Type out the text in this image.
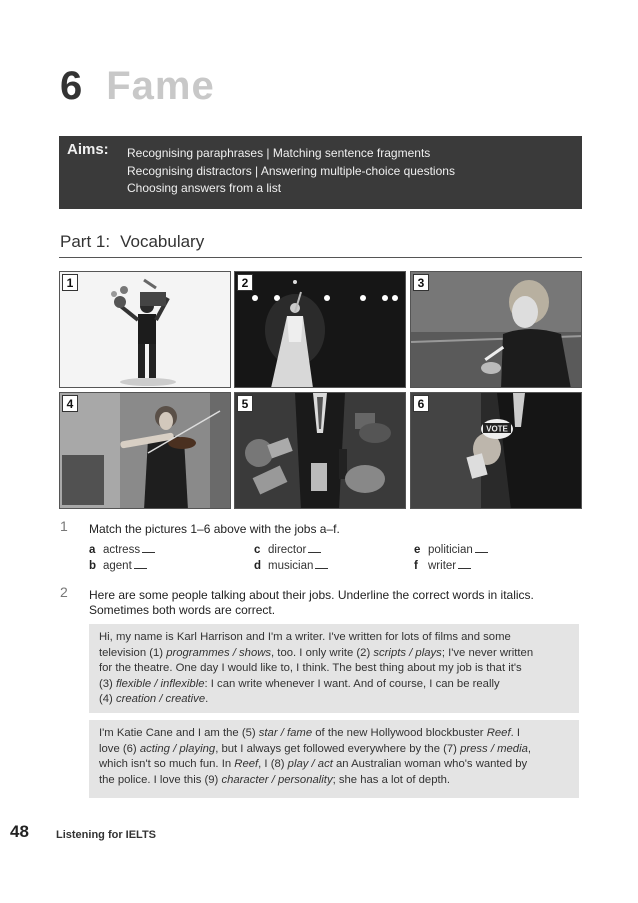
6 Fame
Aims: Recognising paraphrases | Matching sentence fragments
Recognising distractors | Answering multiple-choice questions
Choosing answers from a list
Part 1: Vocabulary
1	2	3
4	5
VOTE
6
1 Match the pictures 1–6 above with the jobs a–f.
a actress
b agent
c director
d musician
e politician
f writer
2 Here are some people talking about their jobs. Underline the correct words in italics.
Sometimes both words are correct.

Hi, my name is Karl Harrison and I'm a writer. I've written for lots of films and some

television (1) programmes / shows, too. I only write (2) scripts / plays; I've never written

for the theatre. One day I would like to, I think. The best thing about my job is that it's

(3) flexible / inflexible: I can write whenever I want. And of course, I can be really

(4) creation / creative.

I'm Katie Cane and I am the (5) star / fame of the new Hollywood blockbuster Reef. I

love (6) acting / playing, but I always get followed everywhere by the (7) press / media,

which isn't so much fun. In Reef, I (8) play / act an Australian woman who's wanted by

the police. I love this (9) character / personality; she has a lot of depth.

48 Listening for IELTS
